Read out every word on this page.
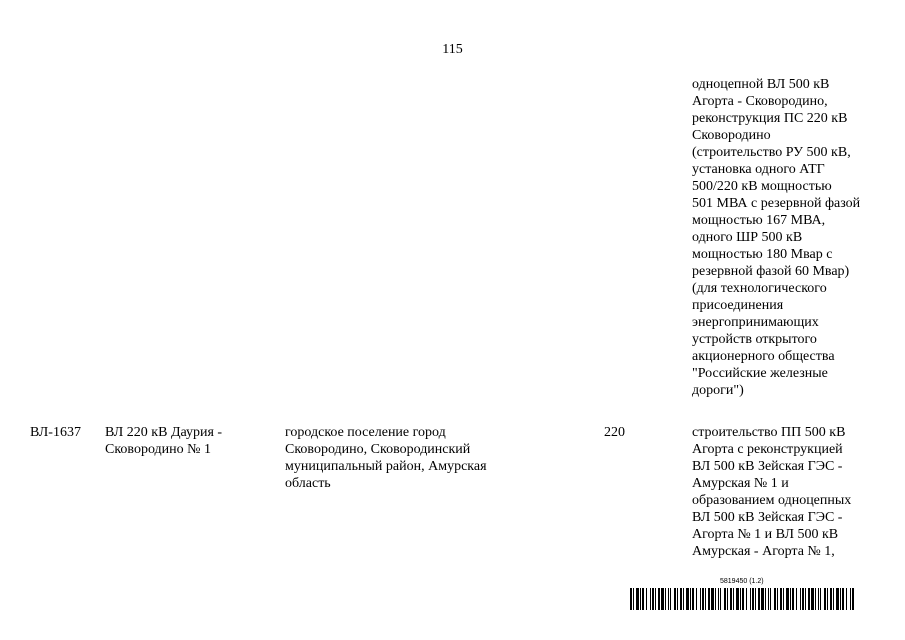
115
одноцепной ВЛ 500 кВ
Агорта - Сковородино,
реконструкция ПС 220 кВ
Сковородино
(строительство РУ 500 кВ,
установка одного АТГ
500/220 кВ мощностью
501 МВА с резервной фазой
мощностью 167 МВА,
одного ШР 500 кВ
мощностью 180 Мвар с
резервной фазой 60 Мвар)
(для технологического
присоединения
энергопринимающих
устройств открытого
акционерного общества
"Российские железные
дороги")
ВЛ-1637 ВЛ 220 кВ Даурия -
Сковородино № 1
городское поселение город
Сковородино, Сковородинский
муниципальный район, Амурская
область
220	строительство ПП 500 кВ
Агорта с реконструкцией
ВЛ 500 кВ Зейская ГЭС -
Амурская № 1 и
образованием одноцепных
ВЛ 500 кВ Зейская ГЭС -
Агорта № 1 и ВЛ 500 кВ
Амурская - Агорта № 1,
5819450 (1.2)
